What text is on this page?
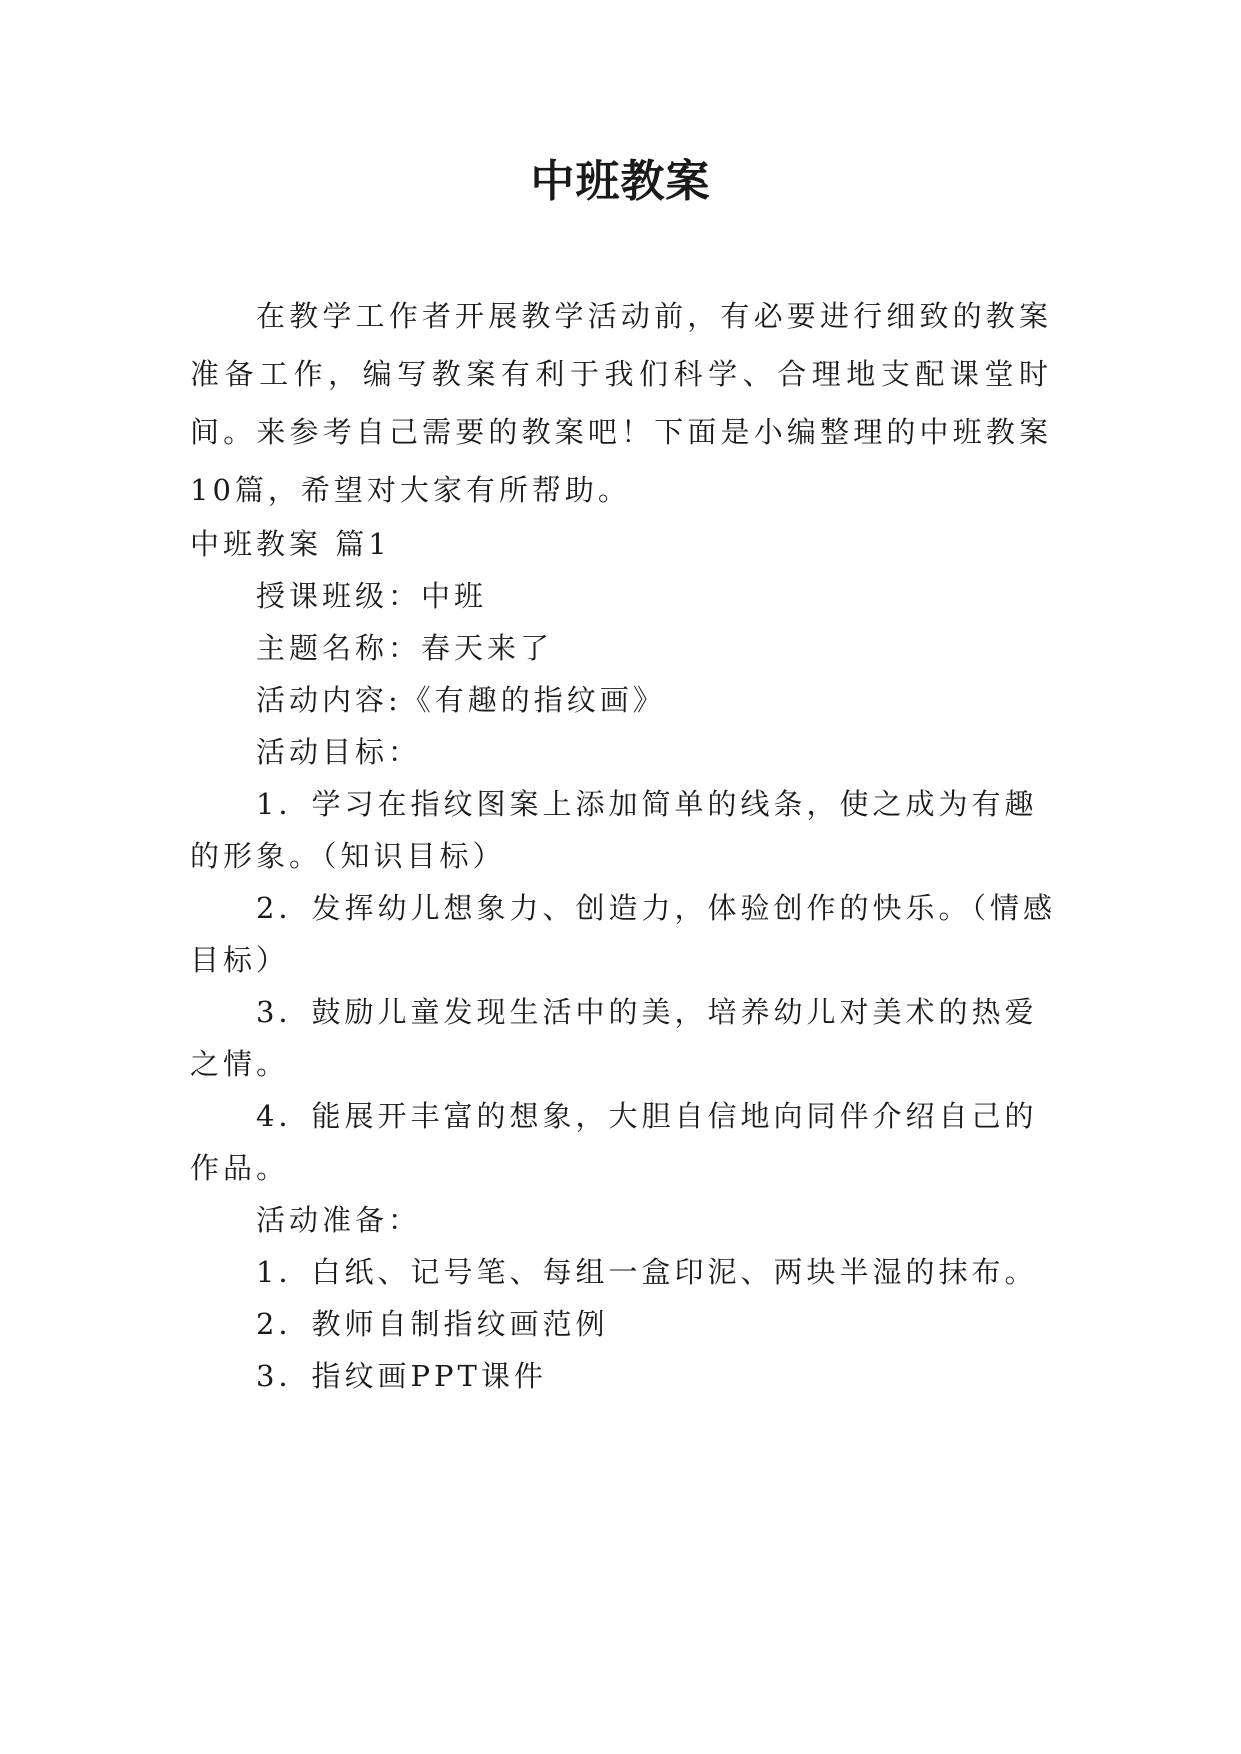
中班教案

在教学工作者开展教学活动前，有必要进行细致的教案准备工作，编写教案有利于我们科学、合理地支配课堂时间。来参考自己需要的教案吧！下面是小编整理的中班教案10篇，希望对大家有所帮助。

中班教案 篇1

授课班级：中班

主题名称：春天来了

活动内容:《有趣的指纹画》

活动目标：

1．学习在指纹图案上添加简单的线条，使之成为有趣

的形象。（知识目标）

2．发挥幼儿想象力、创造力，体验创作的快乐。（情感

目标）

3．鼓励儿童发现生活中的美，培养幼儿对美术的热爱

之情。

4．能展开丰富的想象，大胆自信地向同伴介绍自己的

作品。

活动准备：

1．白纸、记号笔、每组一盒印泥、两块半湿的抹布。

2．教师自制指纹画范例

3．指纹画PPT课件
